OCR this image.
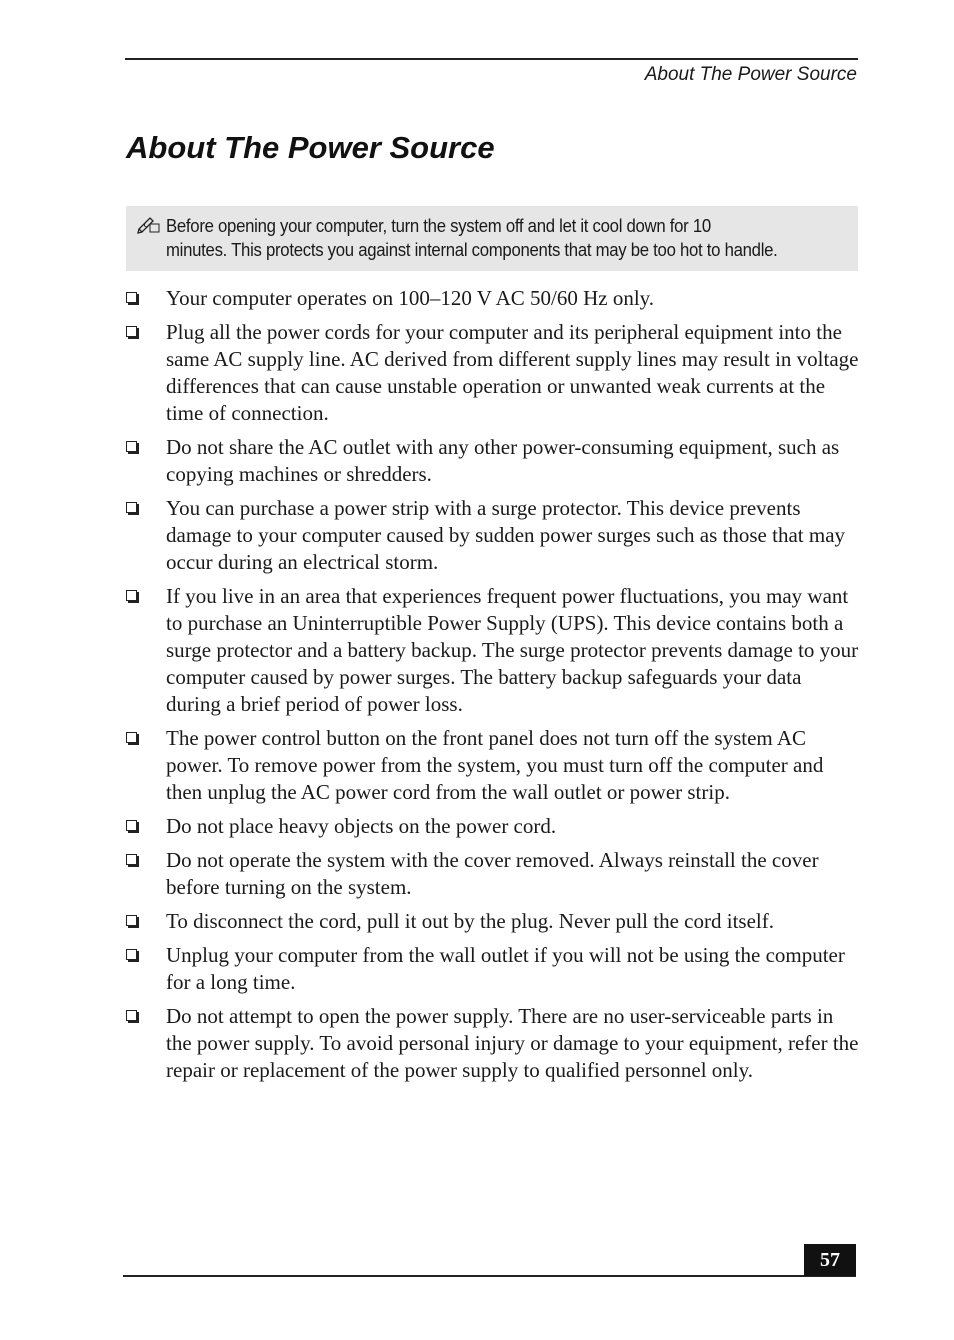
About The Power Source
About The Power Source
Before opening your computer, turn the system off and let it cool down for 10
minutes. This protects you against internal components that may be too hot to handle.
Your computer operates on 100–120 V AC 50/60 Hz only.
Plug all the power cords for your computer and its peripheral equipment into the same AC supply line. AC derived from different supply lines may result in voltage differences that can cause unstable operation or unwanted weak currents at the time of connection.
Do not share the AC outlet with any other power-consuming equipment, such as copying machines or shredders.
You can purchase a power strip with a surge protector. This device prevents damage to your computer caused by sudden power surges such as those that may occur during an electrical storm.
If you live in an area that experiences frequent power fluctuations, you may want to purchase an Uninterruptible Power Supply (UPS). This device contains both a surge protector and a battery backup. The surge protector prevents damage to your computer caused by power surges. The battery backup safeguards your data during a brief period of power loss.
The power control button on the front panel does not turn off the system AC power. To remove power from the system, you must turn off the computer and then unplug the AC power cord from the wall outlet or power strip.
Do not place heavy objects on the power cord.
Do not operate the system with the cover removed. Always reinstall the cover before turning on the system.
To disconnect the cord, pull it out by the plug. Never pull the cord itself.
Unplug your computer from the wall outlet if you will not be using the computer for a long time.
Do not attempt to open the power supply. There are no user-serviceable parts in the power supply. To avoid personal injury or damage to your equipment, refer the repair or replacement of the power supply to qualified personnel only.
57
